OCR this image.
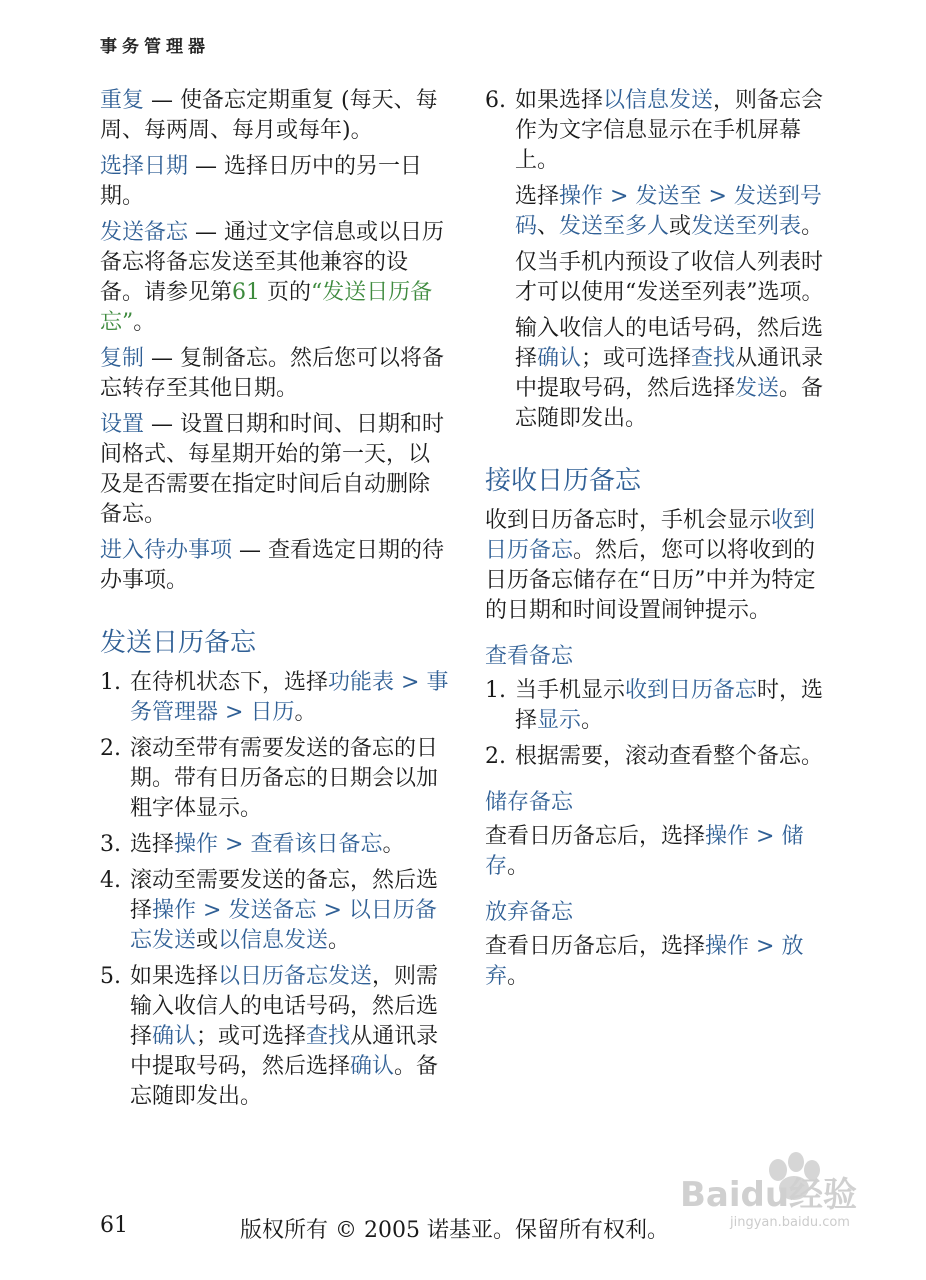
事务管理器

重复 — 使备忘定期重复 (每天、每周、每两周、每月或每年)。

选择日期 — 选择日历中的另一日期。

发送备忘 — 通过文字信息或以日历备忘将备忘发送至其他兼容的设备。请参见第61 页的“发送日历备忘”。

复制 — 复制备忘。然后您可以将备忘转存至其他日期。

设置 — 设置日期和时间、日期和时间格式、每星期开始的第一天，以及是否需要在指定时间后自动删除备忘。

进入待办事项 — 查看选定日期的待办事项。

发送日历备忘
1. 在待机状态下，选择功能表 > 事务管理器 > 日历。
2. 滚动至带有需要发送的备忘的日期。带有日历备忘的日期会以加粗字体显示。
3. 选择操作 > 查看该日备忘。
4. 滚动至需要发送的备忘，然后选择操作 > 发送备忘 > 以日历备忘发送或以信息发送。
5. 如果选择以日历备忘发送，则需输入收信人的电话号码，然后选择确认；或可选择查找从通讯录中提取号码，然后选择确认。备忘随即发出。
6. 如果选择以信息发送，则备忘会作为文字信息显示在手机屏幕上。

选择操作 > 发送至 > 发送到号码、发送至多人或发送至列表。

仅当手机内预设了收信人列表时才可以使用“发送至列表”选项。

输入收信人的电话号码，然后选择确认；或可选择查找从通讯录中提取号码，然后选择发送。备忘随即发出。

接收日历备忘

收到日历备忘时，手机会显示收到日历备忘。然后，您可以将收到的日历备忘储存在“日历”中并为特定的日期和时间设置闹钟提示。

查看备忘
1. 当手机显示收到日历备忘时，选择显示。
2. 根据需要，滚动查看整个备忘。
储存备忘

查看日历备忘后，选择操作 > 储存。

放弃备忘

查看日历备忘后，选择操作 > 放弃。

Baidu经验
jingyan.baidu.com
61	版权所有 © 2005 诺基亚。保留所有权利。
